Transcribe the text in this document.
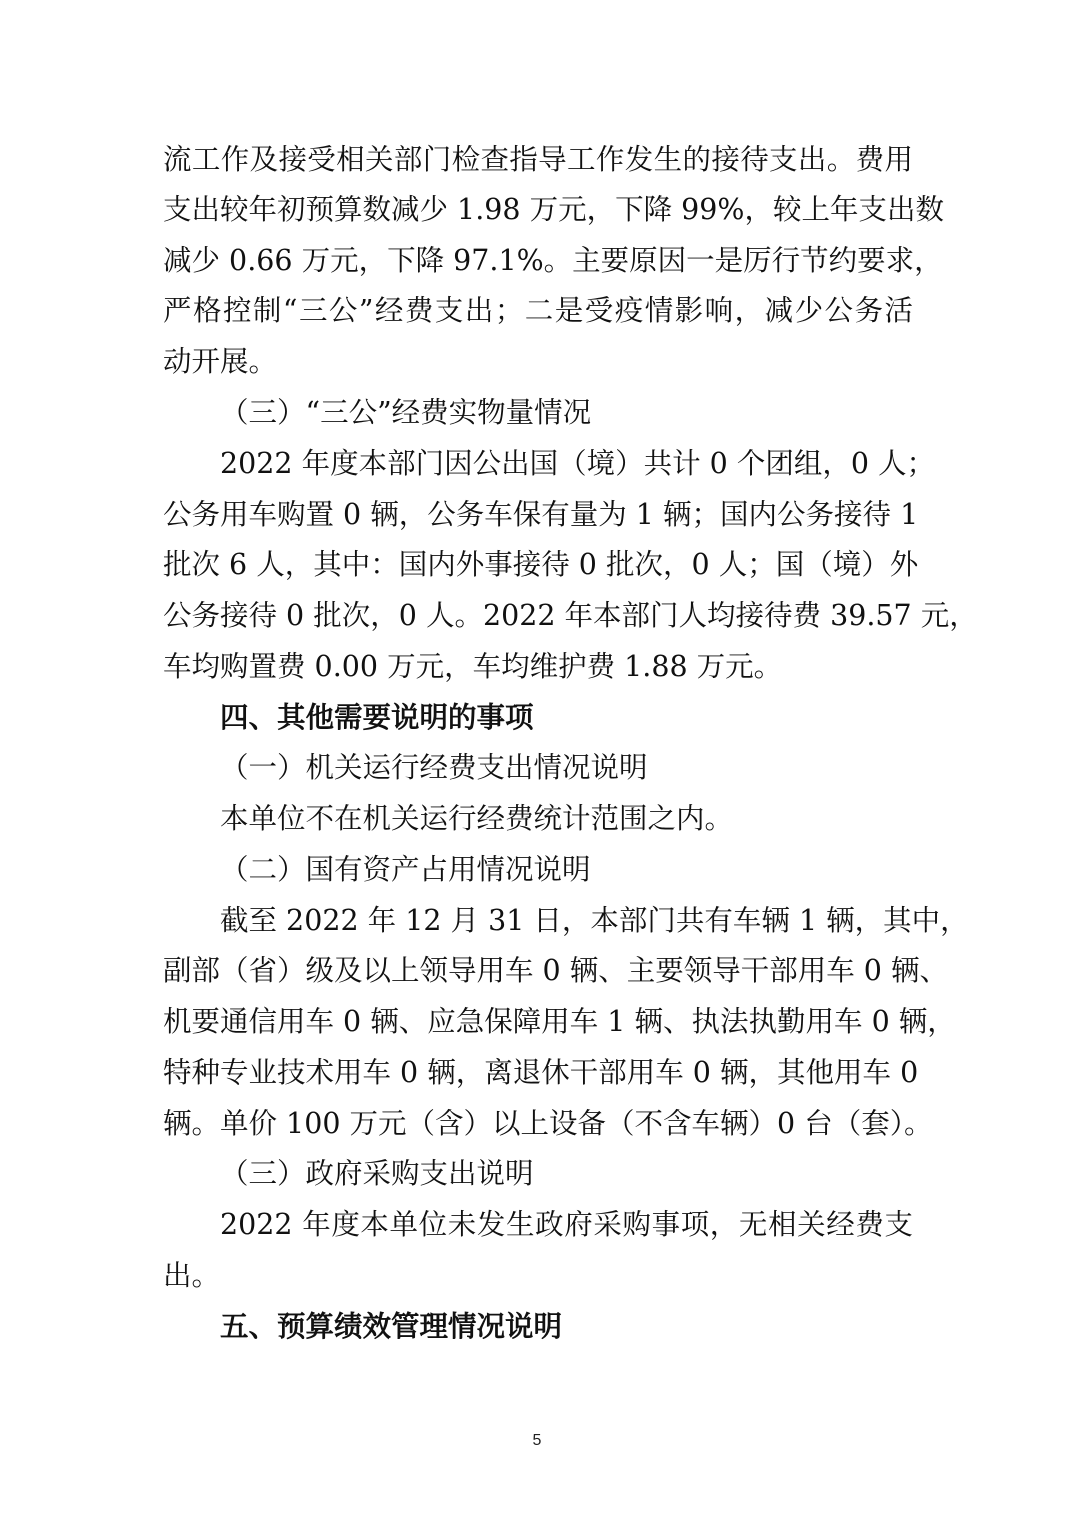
流工作及接受相关部门检查指导工作发生的接待支出。费用
支出较年初预算数减少 1.98 万元，下降 99%，较上年支出数
减少 0.66 万元，下降 97.1%。主要原因一是厉行节约要求，
严格控制“三公”经费支出；二是受疫情影响，减少公务活
动开展。
（三）“三公”经费实物量情况
2022 年度本部门因公出国（境）共计 0 个团组，0 人；
公务用车购置 0 辆，公务车保有量为 1 辆；国内公务接待 1
批次 6 人，其中：国内外事接待 0 批次，0 人；国（境）外
公务接待 0 批次，0 人。2022 年本部门人均接待费 39.57 元，
车均购置费 0.00 万元，车均维护费 1.88 万元。
四、其他需要说明的事项
（一）机关运行经费支出情况说明
本单位不在机关运行经费统计范围之内。
（二）国有资产占用情况说明
截至 2022 年 12 月 31 日，本部门共有车辆 1 辆，其中，
副部（省）级及以上领导用车 0 辆、主要领导干部用车 0 辆、
机要通信用车 0 辆、应急保障用车 1 辆、执法执勤用车 0 辆，
特种专业技术用车 0 辆，离退休干部用车 0 辆，其他用车 0
辆。单价 100 万元（含）以上设备（不含车辆）0 台（套）。
（三）政府采购支出说明
2022 年度本单位未发生政府采购事项，无相关经费支
出。
五、预算绩效管理情况说明
5
